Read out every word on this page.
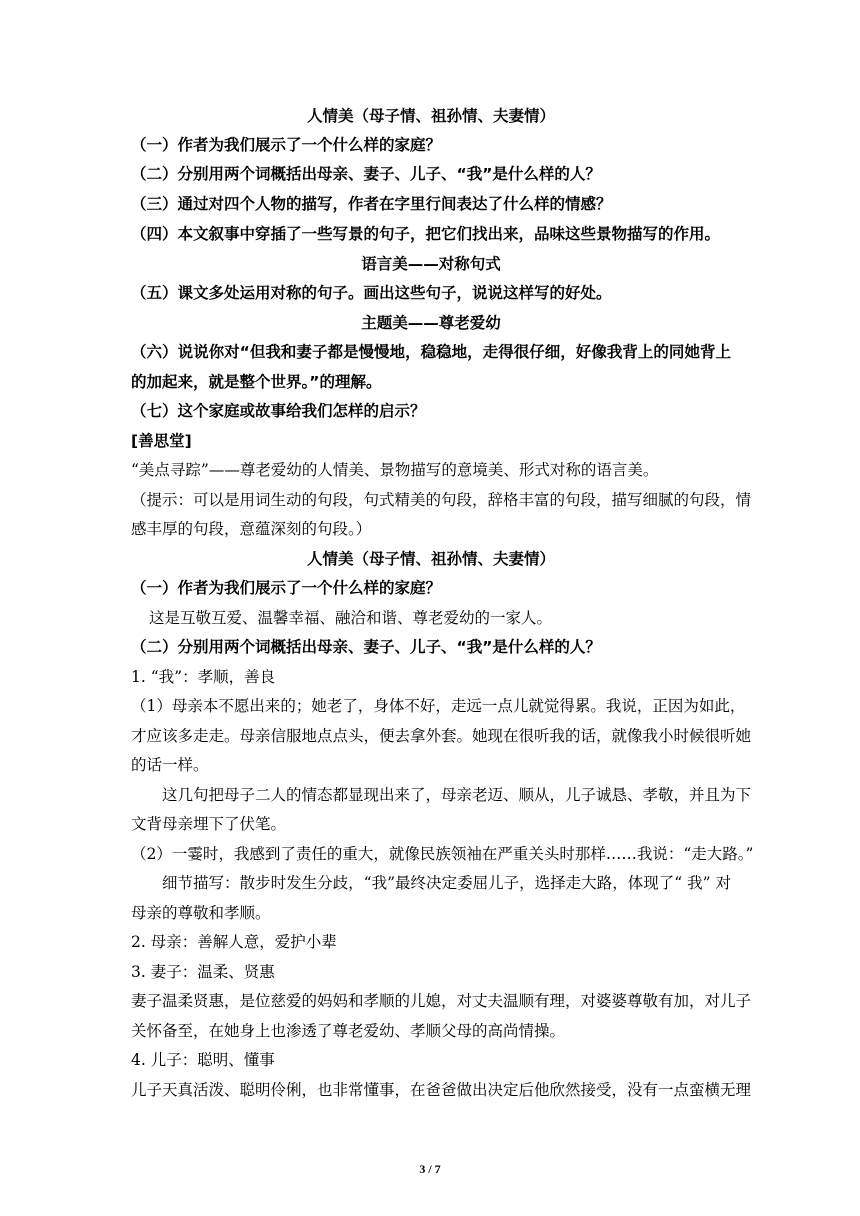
人情美（母子情、祖孙情、夫妻情）
（一）作者为我们展示了一个什么样的家庭？
（二）分别用两个词概括出母亲、妻子、儿子、“我”是什么样的人？
（三）通过对四个人物的描写，作者在字里行间表达了什么样的情感？
（四）本文叙事中穿插了一些写景的句子，把它们找出来，品味这些景物描写的作用。
语言美——对称句式
（五）课文多处运用对称的句子。画出这些句子，说说这样写的好处。
主题美——尊老爱幼
（六）说说你对“但我和妻子都是慢慢地，稳稳地，走得很仔细，好像我背上的同她背上
的加起来，就是整个世界。”的理解。
（七）这个家庭或故事给我们怎样的启示？
[善思堂]
“美点寻踪”——尊老爱幼的人情美、景物描写的意境美、形式对称的语言美。
（提示：可以是用词生动的句段，句式精美的句段，辞格丰富的句段，描写细腻的句段，情
感丰厚的句段，意蕴深刻的句段。）
人情美（母子情、祖孙情、夫妻情）
（一）作者为我们展示了一个什么样的家庭？
这是互敬互爱、温馨幸福、融洽和谐、尊老爱幼的一家人。
（二）分别用两个词概括出母亲、妻子、儿子、“我”是什么样的人？
1. “我”：孝顺，善良
（1）母亲本不愿出来的；她老了，身体不好，走远一点儿就觉得累。我说，正因为如此，
才应该多走走。母亲信服地点点头，便去拿外套。她现在很听我的话，就像我小时候很听她
的话一样。
这几句把母子二人的情态都显现出来了，母亲老迈、顺从，儿子诚恳、孝敬，并且为下
文背母亲埋下了伏笔。
（2）一霎时，我感到了责任的重大，就像民族领袖在严重关头时那样……我说：“走大路。”
细节描写：散步时发生分歧，“我”最终决定委屈儿子，选择走大路，体现了“ 我” 对
母亲的尊敬和孝顺。
2. 母亲：善解人意，爱护小辈
3. 妻子：温柔、贤惠
妻子温柔贤惠，是位慈爱的妈妈和孝顺的儿媳，对丈夫温顺有理，对婆婆尊敬有加，对儿子
关怀备至，在她身上也渗透了尊老爱幼、孝顺父母的高尚情操。
4. 儿子：聪明、懂事
儿子天真活泼、聪明伶俐，也非常懂事，在爸爸做出决定后他欣然接受，没有一点蛮横无理
3 / 7
